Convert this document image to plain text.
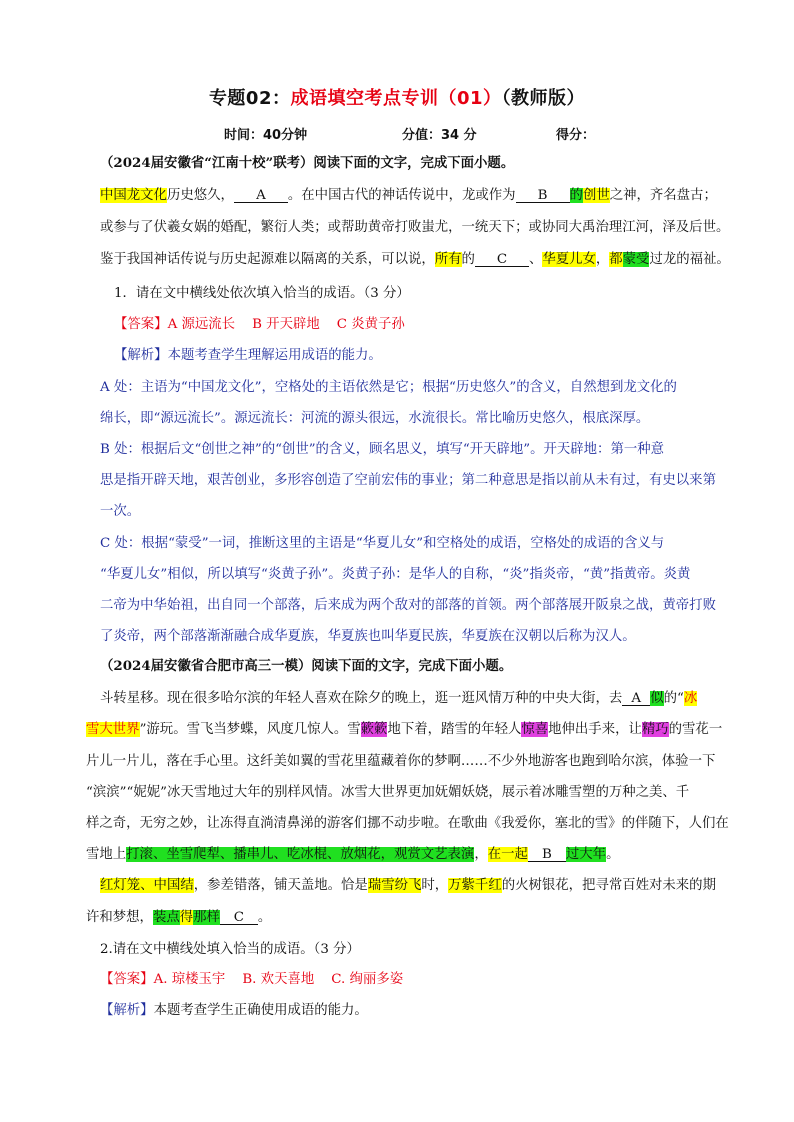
专题02：成语填空考点专训（01）（教师版）
时间：40分钟	分值：34 分	得分：
（2024届安徽省“江南十校”联考）阅读下面的文字，完成下面小题。
中国龙文化历史悠久， A 。在中国古代的神话传说中，龙或作为 B 的创世之神，齐名盘古；
或参与了伏羲女娲的婚配，繁衍人类；或帮助黄帝打败蚩尤，一统天下；或协同大禹治理江河，泽及后世。
鉴于我国神话传说与历史起源难以隔离的关系，可以说，所有的 C 、华夏儿女，都蒙受过龙的福祉。
1．请在文中横线处依次填入恰当的成语。（3 分）
【答案】A 源远流长    B 开天辟地    C 炎黄子孙
【解析】本题考查学生理解运用成语的能力。
A 处：主语为“中国龙文化”，空格处的主语依然是它；根据“历史悠久”的含义，自然想到龙文化的
绵长，即“源远流长”。源远流长：河流的源头很远，水流很长。常比喻历史悠久，根底深厚。
B 处：根据后文“创世之神”的“创世”的含义，顾名思义，填写“开天辟地”。开天辟地：第一种意
思是指开辟天地，艰苦创业，多形容创造了空前宏伟的事业；第二种意思是指以前从未有过，有史以来第
一次。
C 处：根据“蒙受”一词，推断这里的主语是“华夏儿女”和空格处的成语，空格处的成语的含义与
“华夏儿女”相似，所以填写“炎黄子孙”。炎黄子孙：是华人的自称，“炎”指炎帝，“黄”指黄帝。炎黄
二帝为中华始祖，出自同一个部落，后来成为两个敌对的部落的首领。两个部落展开阪泉之战，黄帝打败
了炎帝，两个部落渐渐融合成华夏族，华夏族也叫华夏民族，华夏族在汉朝以后称为汉人。
（2024届安徽省合肥市高三一模）阅读下面的文字，完成下面小题。
斗转星移。现在很多哈尔滨的年轻人喜欢在除夕的晚上，逛一逛风情万种的中央大街，去 A 似的“冰
雪大世界”游玩。雪飞当梦蝶，风度几惊人。雪簌簌地下着，踏雪的年轻人惊喜地伸出手来，让精巧的雪花一
片儿一片儿，落在手心里。这纤美如翼的雪花里蕴藏着你的梦啊……不少外地游客也跑到哈尔滨，体验一下
“滨滨”“妮妮”冰天雪地过大年的别样风情。冰雪大世界更加妩媚妖娆，展示着冰雕雪塑的万种之美、千
样之奇，无穷之妙，让冻得直淌清鼻涕的游客们挪不动步啦。在歌曲《我爱你，塞北的雪》的伴随下，人们在
雪地上打滚、坐雪爬犁、播串儿、吃冰棍、放烟花，观赏文艺表演，在一起 B 过大年。
红灯笼、中国结，参差错落，铺天盖地。恰是瑞雪纷飞时，万紫千红的火树银花，把寻常百姓对未来的期
许和梦想，装点得那样 C 。
2.请在文中横线处填入恰当的成语。（3 分）
【答案】A. 琼楼玉宇    B. 欢天喜地    C. 绚丽多姿
【解析】本题考查学生正确使用成语的能力。
